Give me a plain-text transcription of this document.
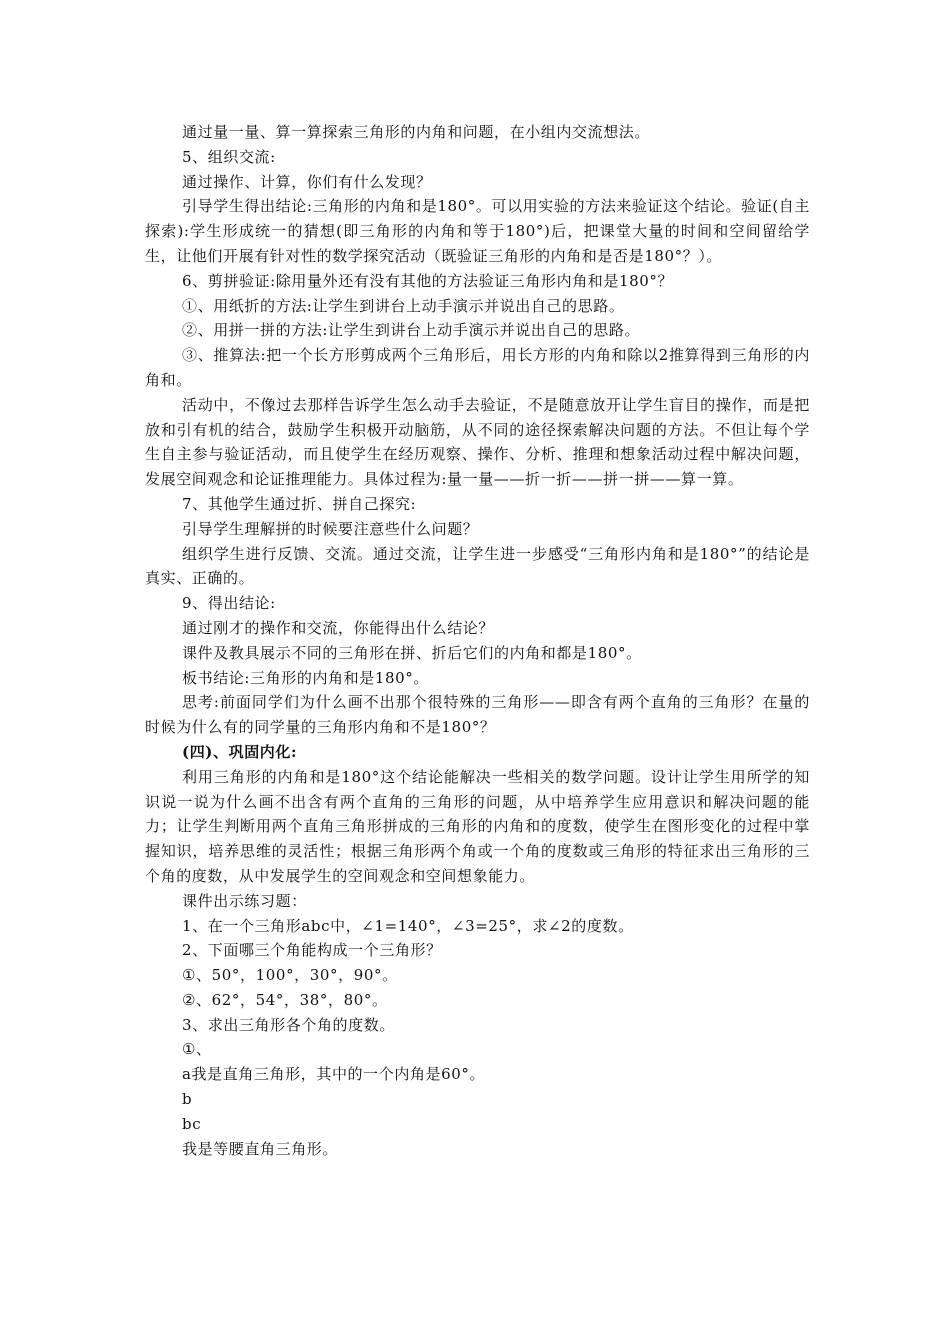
通过量一量、算一算探索三角形的内角和问题，在小组内交流想法。

5、组织交流:

通过操作、计算，你们有什么发现？

引导学生得出结论:三角形的内角和是180°。可以用实验的方法来验证这个结论。验证(自主探索):学生形成统一的猜想(即三角形的内角和等于180°)后，把课堂大量的时间和空间留给学生，让他们开展有针对性的数学探究活动（既验证三角形的内角和是否是180°？）。

6、剪拼验证:除用量外还有没有其他的方法验证三角形内角和是180°？

①、用纸折的方法:让学生到讲台上动手演示并说出自己的思路。

②、用拼一拼的方法:让学生到讲台上动手演示并说出自己的思路。

③、推算法:把一个长方形剪成两个三角形后，用长方形的内角和除以2推算得到三角形的内角和。

活动中，不像过去那样告诉学生怎么动手去验证，不是随意放开让学生盲目的操作，而是把放和引有机的结合，鼓励学生积极开动脑筋，从不同的途径探索解决问题的方法。不但让每个学生自主参与验证活动，而且使学生在经历观察、操作、分析、推理和想象活动过程中解决问题，发展空间观念和论证推理能力。具体过程为:量一量——折一折——拼一拼——算一算。

7、其他学生通过折、拼自己探究:

引导学生理解拼的时候要注意些什么问题？

组织学生进行反馈、交流。通过交流，让学生进一步感受“三角形内角和是180°”的结论是真实、正确的。

9、得出结论:

通过刚才的操作和交流，你能得出什么结论？

课件及教具展示不同的三角形在拼、折后它们的内角和都是180°。

板书结论:三角形的内角和是180°。

思考:前面同学们为什么画不出那个很特殊的三角形——即含有两个直角的三角形？在量的时候为什么有的同学量的三角形内角和不是180°？

(四)、巩固内化:

利用三角形的内角和是180°这个结论能解决一些相关的数学问题。设计让学生用所学的知识说一说为什么画不出含有两个直角的三角形的问题，从中培养学生应用意识和解决问题的能力；让学生判断用两个直角三角形拼成的三角形的内角和的度数，使学生在图形变化的过程中掌握知识，培养思维的灵活性；根据三角形两个角或一个角的度数或三角形的特征求出三角形的三个角的度数，从中发展学生的空间观念和空间想象能力。

课件出示练习题：

1、在一个三角形abc中，∠1=140°，∠3=25°，求∠2的度数。

2、下面哪三个角能构成一个三角形？

①、50°，100°，30°，90°。

②、62°，54°，38°，80°。

3、求出三角形各个角的度数。

①、

a我是直角三角形，其中的一个内角是60°。

b

bc

我是等腰直角三角形。
